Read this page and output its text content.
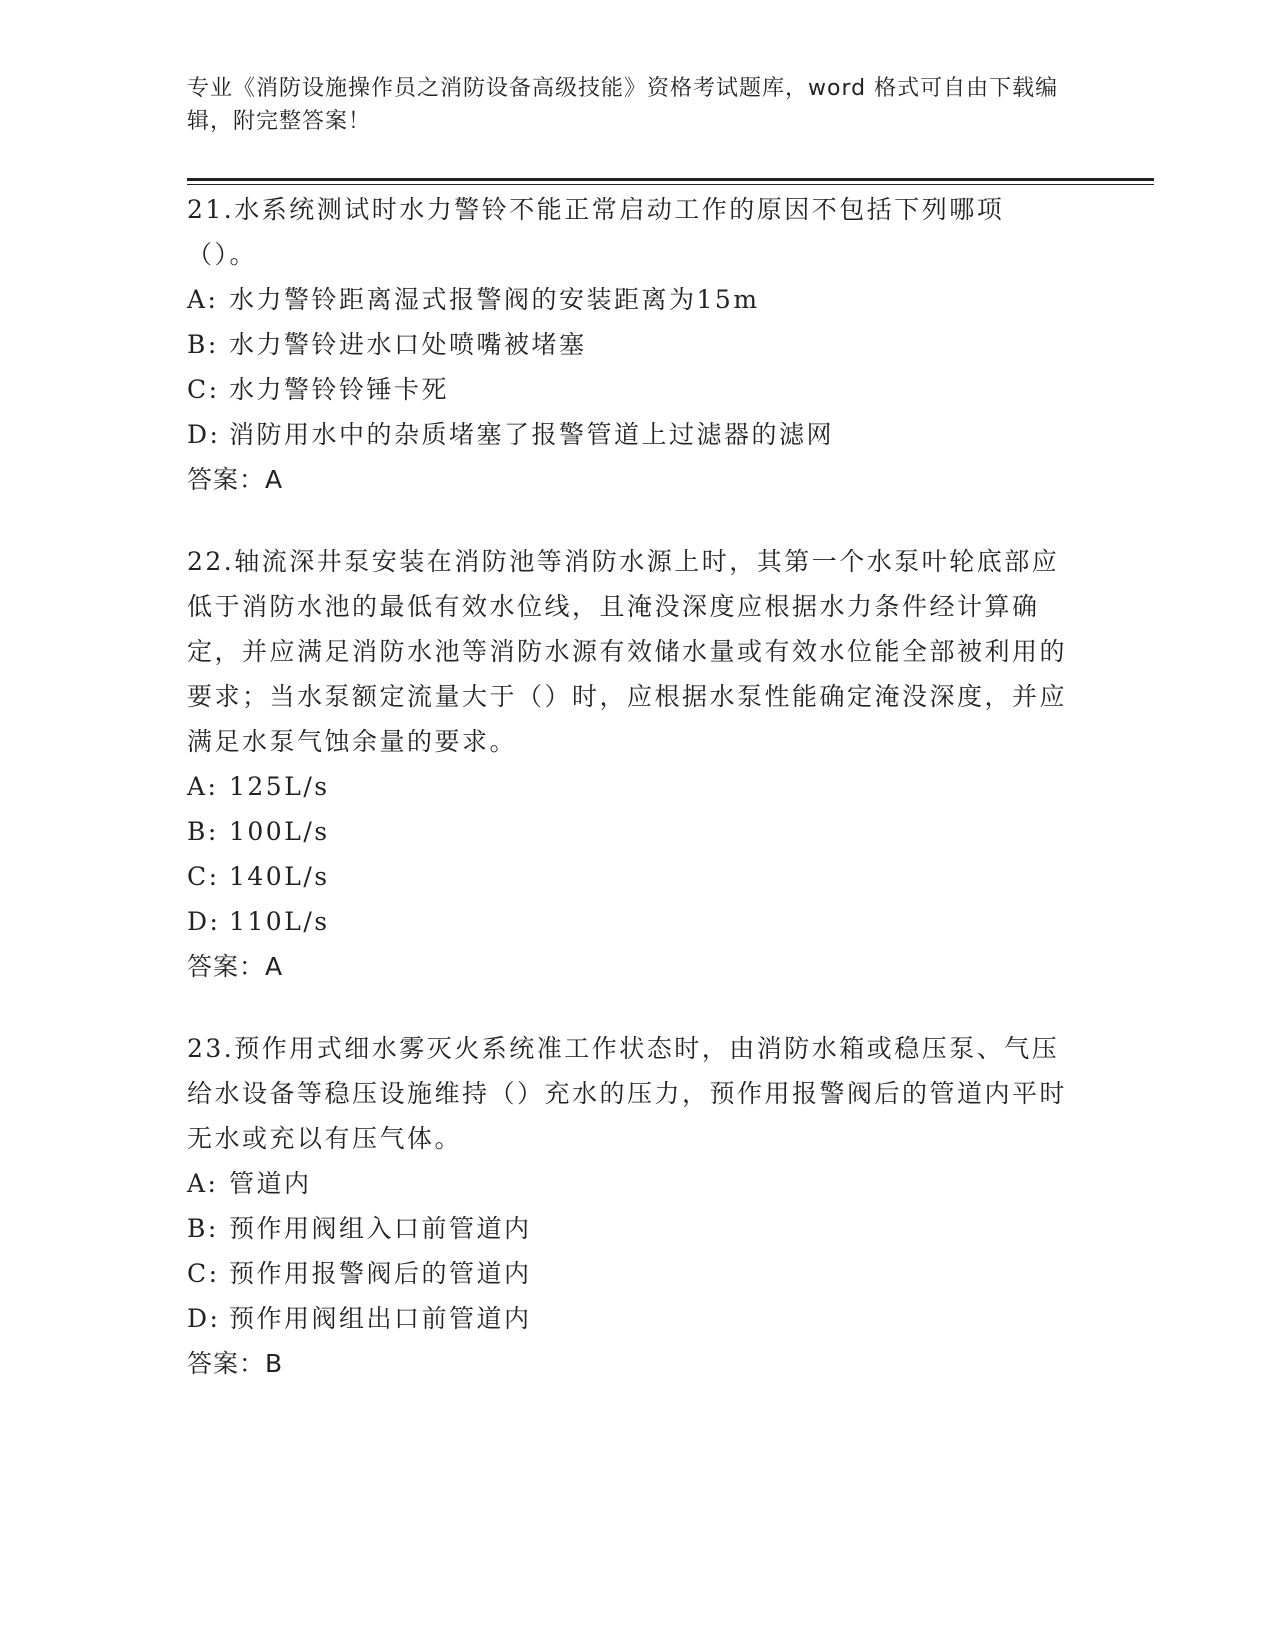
专业《消防设施操作员之消防设备高级技能》资格考试题库，word 格式可自由下载编辑，附完整答案！

21.水系统测试时水力警铃不能正常启动工作的原因不包括下列哪项（）。

A: 水力警铃距离湿式报警阀的安装距离为15m
B: 水力警铃进水口处喷嘴被堵塞
C: 水力警铃铃锤卡死
D: 消防用水中的杂质堵塞了报警管道上过滤器的滤网
答案：A

22.轴流深井泵安装在消防池等消防水源上时，其第一个水泵叶轮底部应低于消防水池的最低有效水位线，且淹没深度应根据水力条件经计算确定，并应满足消防水池等消防水源有效储水量或有效水位能全部被利用的要求；当水泵额定流量大于（）时，应根据水泵性能确定淹没深度，并应满足水泵气蚀余量的要求。

A: 125L/s
B: 100L/s
C: 140L/s
D: 110L/s
答案：A

23.预作用式细水雾灭火系统准工作状态时，由消防水箱或稳压泵、气压给水设备等稳压设施维持（）充水的压力，预作用报警阀后的管道内平时无水或充以有压气体。

A: 管道内
B: 预作用阀组入口前管道内
C: 预作用报警阀后的管道内
D: 预作用阀组出口前管道内
答案：B
